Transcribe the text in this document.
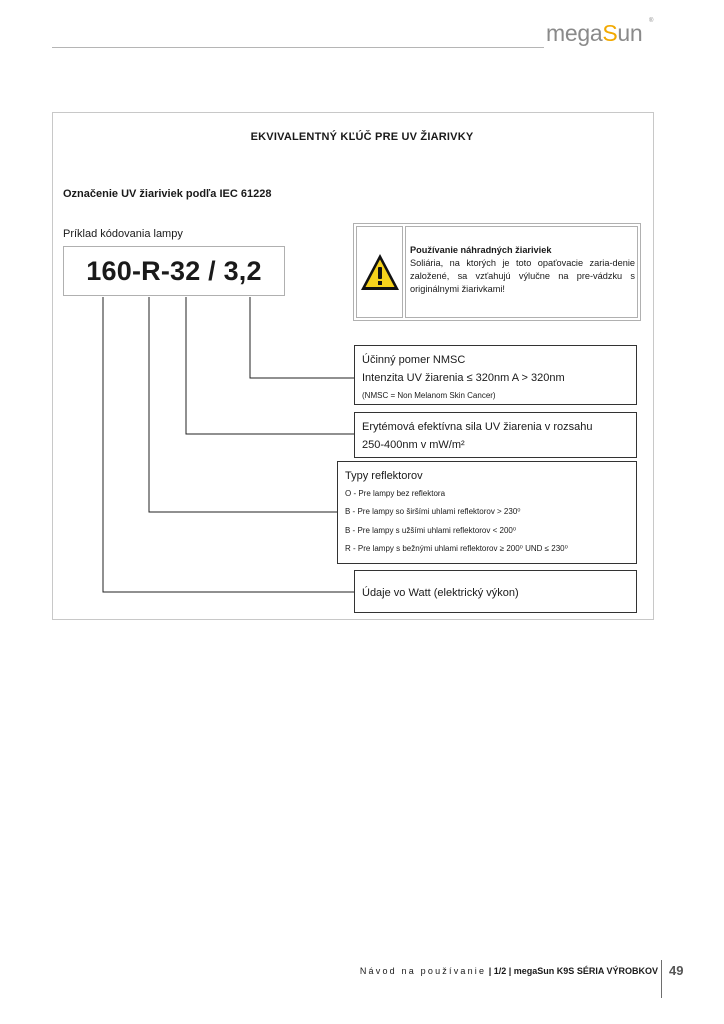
megaSun ®
EKVIVALENTNÝ KĽÚČ PRE UV ŽIARIVKY
Označenie UV žiariviek podľa IEC 61228
Príklad kódovania lampy
160-R-32 / 3,2
Používanie náhradných žiariviek
Soliária, na ktorých je toto opaťovacie zaria-denie založené, sa vzťahujú výlučne na pre-vádzku s originálnymi žiarivkami!
Účinný pomer NMSC
Intenzita UV žiarenia ≤ 320nm A > 320nm
(NMSC = Non Melanom Skin Cancer)
Erytémová efektívna sila UV žiarenia v rozsahu
250-400nm v mW/m²
Typy reflektorov
O - Pre lampy bez reflektora
B - Pre lampy so širšími uhlami reflektorov > 230⁰
B - Pre lampy s užšími uhlami reflektorov < 200⁰
R - Pre lampy s bežnými uhlami reflektorov ≥ 200⁰ UND ≤ 230⁰
Údaje vo Watt (elektrický výkon)
Návod na používanie | 1/2 | megaSun K9S SÉRIA VÝROBKOV 49
